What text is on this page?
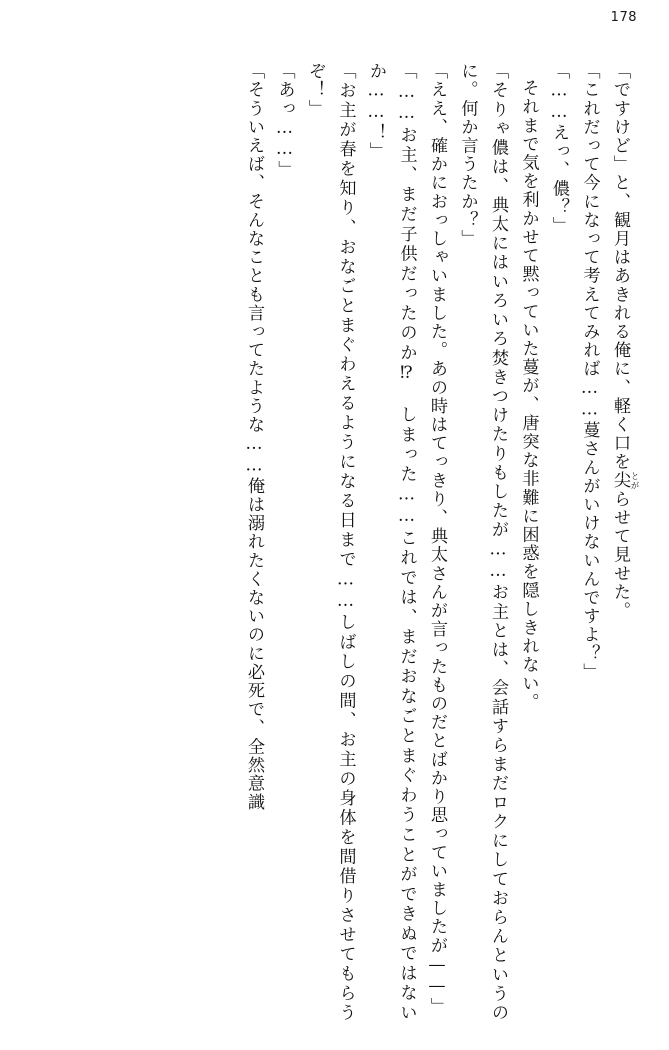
178

「ですけど」と、観月はあきれる俺に、軽く口を尖 とがらせて見せた。

「これだって今になって考えてみれば……蔓さんがいけないんですよ？」

「……えっ、儂？」

それまで気を利かせて黙っていた蔓が、唐突な非難に困惑を隠しきれない。

「そりゃ儂は、典太にはいろいろ焚きつけたりもしたが……お主とは、会話すらまだロクにしておらんというのに。何か言うたか？」

「ええ、確かにおっしゃいました。あの時はてっきり、典太さんが言ったものだとばかり思っていましたが——」

「……お主、まだ子供だったのか⁉　しまった……これでは、まだおなごとまぐわうことができぬではないか……！」

「お主が春を知り、おなごとまぐわえるようになる日まで……しばしの間、お主の身体を間借りさせてもらうぞ！」

「あっ……」

「そういえば、そんなことも言ってたような……俺は溺れたくないのに必死で、全然意識
